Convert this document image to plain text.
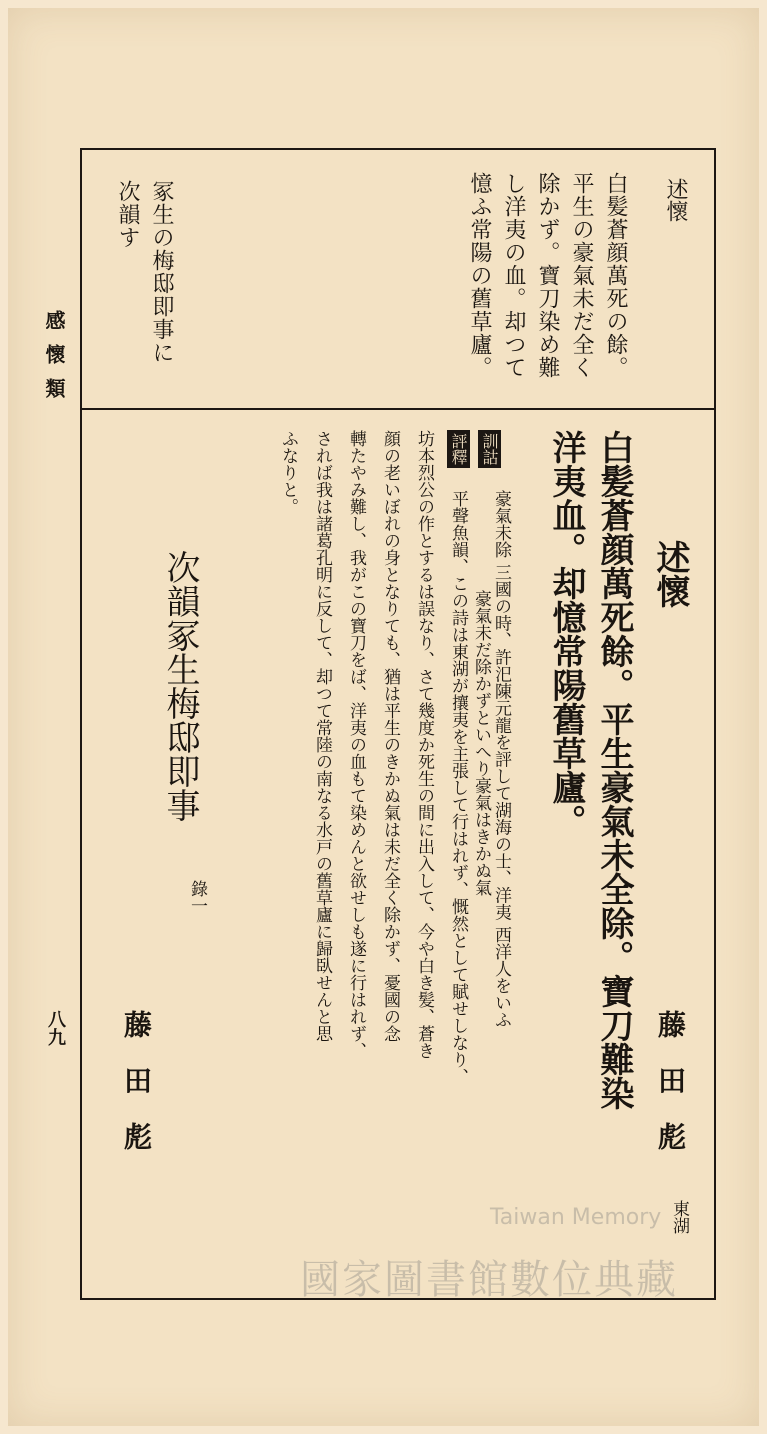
感懷類
八九
述懷
白髪蒼顔萬死の餘。
平生の豪氣未だ全く
除かず。寶刀染め難
し洋夷の血。却つて
憶ふ常陽の舊草廬。
冢生の梅邸即事に
次韻す
述懷
藤　田　彪
東湖
白髪蒼顔萬死餘。平生豪氣未全除。寶刀難染
洋夷血。却憶常陽舊草廬。
訓詁
豪氣未除 三國の時、許汜陳元龍を評して湖海の士、洋夷 西洋人をいふ
豪氣未だ除かずといへり豪氣はきかぬ氣
評釋
平聲魚韻、この詩は東湖が攘夷を主張して行はれず、慨然として賦せしなり、
坊本烈公の作とするは誤なり、さて幾度か死生の間に出入して、今や白き髪、蒼き
顔の老いぼれの身となりても、猶は平生のきかぬ氣は未だ全く除かず、憂國の念
轉たやみ難し、我がこの寶刀をば、洋夷の血もて染めんと欲せしも遂に行はれず、
されば我は諸葛孔明に反して、却つて常陸の南なる水戸の舊草廬に歸臥せんと思
ふなりと。
次韻冢生梅邸即事
錄一
藤　田　彪
Taiwan Memory
國家圖書館數位典藏
